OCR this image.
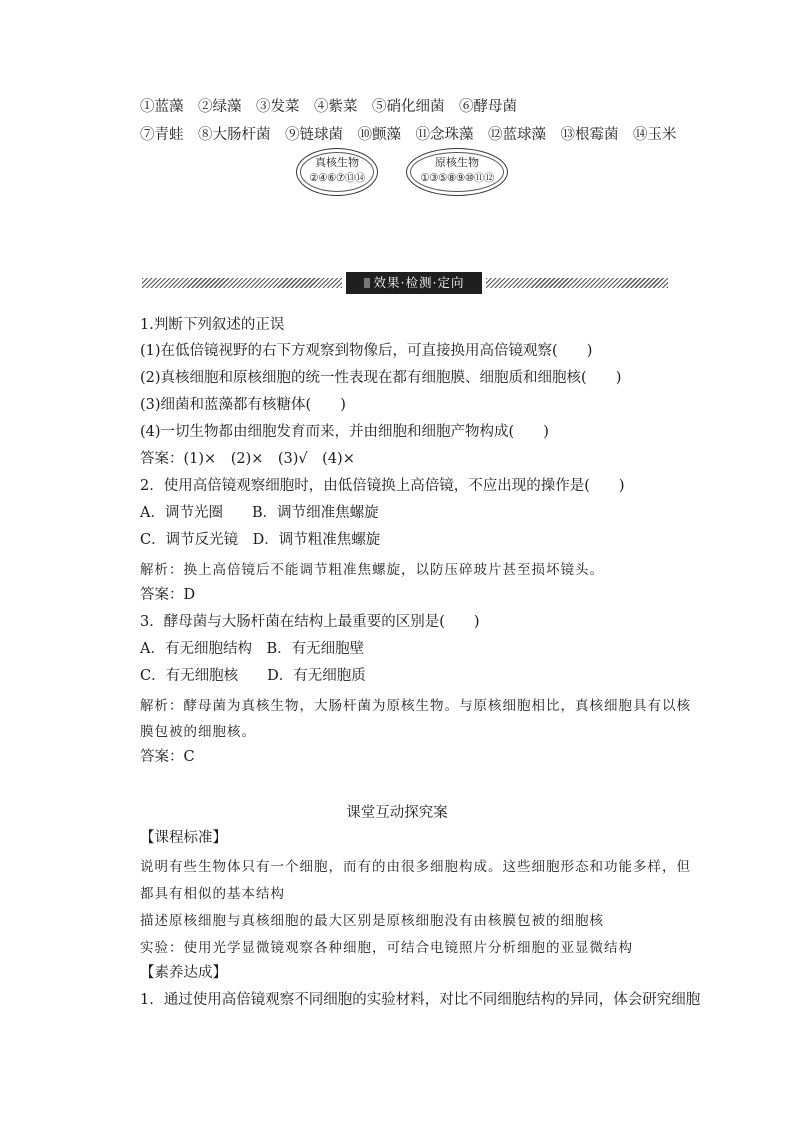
①蓝藻　②绿藻　③发菜　④紫菜　⑤硝化细菌　⑥酵母菌
⑦青蛙　⑧大肠杆菌　⑨链球菌　⑩颤藻　⑪念珠藻　⑫蓝球藻　⑬根霉菌　⑭玉米
真核生物
②④⑥⑦⑬⑭
原核生物
①③⑤⑧⑨⑩⑪⑫
效果·检测·定向
1.判断下列叙述的正误
(1)在低倍镜视野的右下方观察到物像后，可直接换用高倍镜观察(　　)
(2)真核细胞和原核细胞的统一性表现在都有细胞膜、细胞质和细胞核(　　)
(3)细菌和蓝藻都有核糖体(　　)
(4)一切生物都由细胞发育而来，并由细胞和细胞产物构成(　　)
答案：(1)×　(2)×　(3)√　(4)×
2．使用高倍镜观察细胞时，由低倍镜换上高倍镜，不应出现的操作是(　　)
A．调节光圈　　B．调节细准焦螺旋
C．调节反光镜　D．调节粗准焦螺旋
解析：换上高倍镜后不能调节粗准焦螺旋，以防压碎玻片甚至损坏镜头。
答案：D
3．酵母菌与大肠杆菌在结构上最重要的区别是(　　)
A．有无细胞结构　B．有无细胞壁
C．有无细胞核　　D．有无细胞质
解析：酵母菌为真核生物，大肠杆菌为原核生物。与原核细胞相比，真核细胞具有以核
膜包被的细胞核。
答案：C
课堂互动探究案
【课程标准】
说明有些生物体只有一个细胞，而有的由很多细胞构成。这些细胞形态和功能多样，但
都具有相似的基本结构
描述原核细胞与真核细胞的最大区别是原核细胞没有由核膜包被的细胞核
实验：使用光学显微镜观察各种细胞，可结合电镜照片分析细胞的亚显微结构
【素养达成】
1．通过使用高倍镜观察不同细胞的实验材料，对比不同细胞结构的异同，体会研究细胞
